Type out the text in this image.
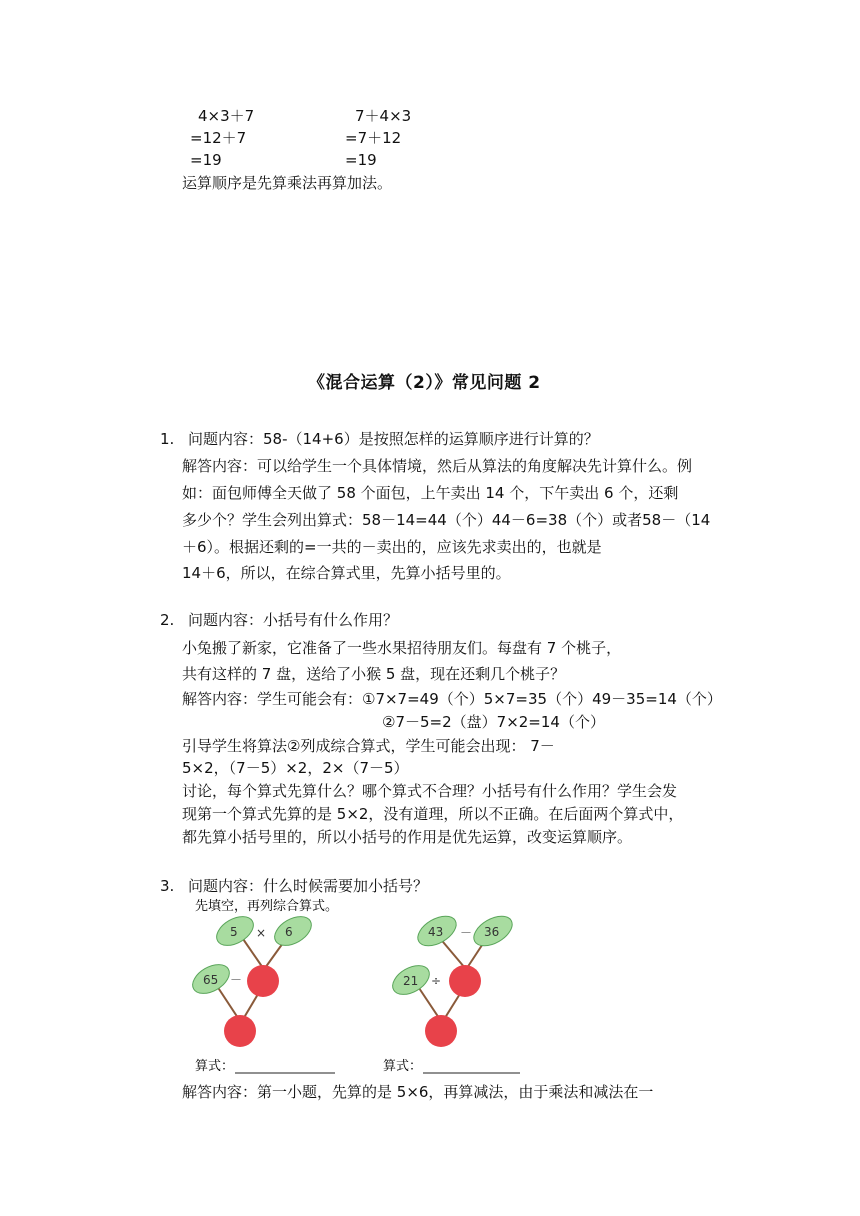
4×3＋7
=12＋7
=19
7＋4×3
=7＋12
=19
运算顺序是先算乘法再算加法。
《混合运算（2）》常见问题 2
1. 问题内容：58-（14+6）是按照怎样的运算顺序进行计算的？
解答内容：可以给学生一个具体情境，然后从算法的角度解决先计算什么。例
如：面包师傅全天做了 58 个面包，上午卖出 14 个，下午卖出 6 个，还剩
多少个？学生会列出算式：58－14=44（个）44－6=38（个）或者58－（14
＋6）。根据还剩的=一共的－卖出的，应该先求卖出的，也就是
14＋6，所以，在综合算式里，先算小括号里的。
2. 问题内容：小括号有什么作用？
小兔搬了新家，它准备了一些水果招待朋友们。每盘有 7 个桃子，
共有这样的 7 盘，送给了小猴 5 盘，现在还剩几个桃子？
解答内容：学生可能会有：①7×7=49（个）5×7=35（个）49－35=14（个）
②7－5=2（盘）7×2=14（个）
引导学生将算法②列成综合算式，学生可能会出现： 7－
5×2，（7－5）×2，2×（7－5）
讨论，每个算式先算什么？哪个算式不合理？小括号有什么作用？学生会发
现第一个算式先算的是 5×2，没有道理，所以不正确。在后面两个算式中，
都先算小括号里的，所以小括号的作用是优先运算，改变运算顺序。
3. 问题内容：什么时候需要加小括号？
先填空，再列综合算式。
5 × 6
65 －
算式：
43 － 36
21 ÷
算式：
解答内容：第一小题，先算的是 5×6，再算减法，由于乘法和减法在一
